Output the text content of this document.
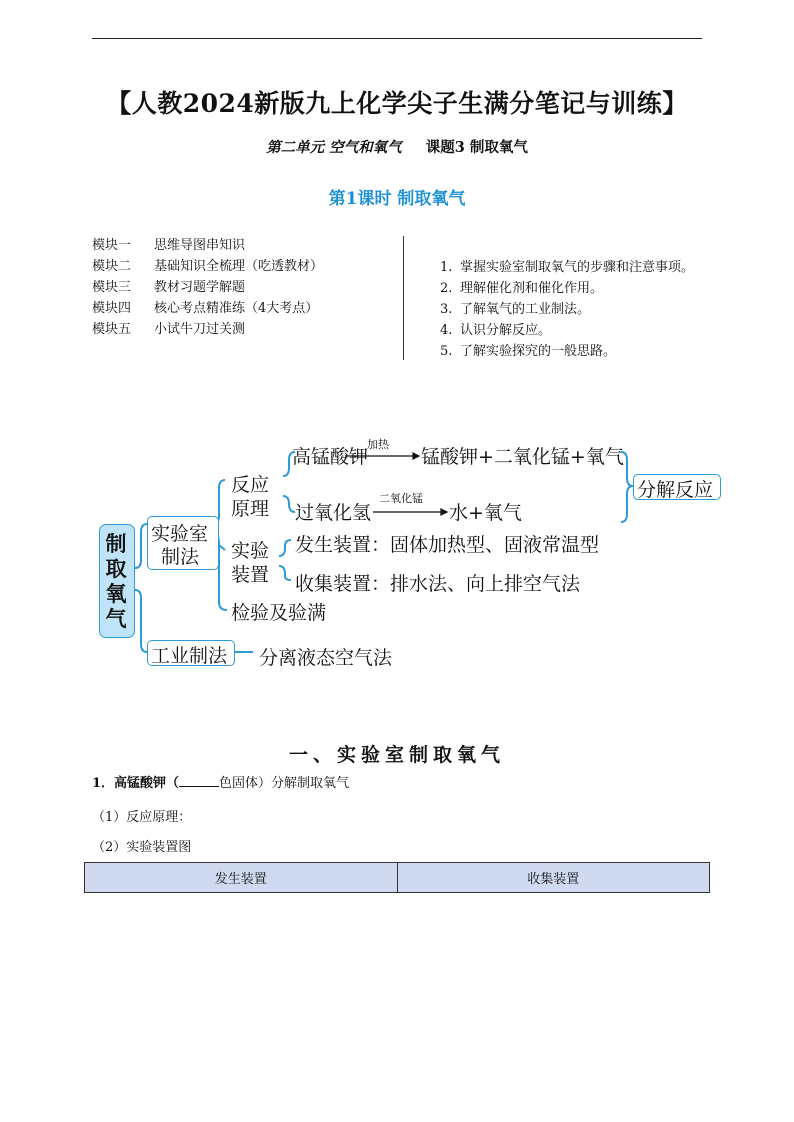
【人教2024新版九上化学尖子生满分笔记与训练】
第二单元 空气和氧气 课题3 制取氧气
第1课时 制取氧气
模块一	思维导图串知识
模块二	基础知识全梳理（吃透教材）
模块三	教材习题学解题
模块四	核心考点精准练（4大考点）
模块五	小试牛刀过关测
1. 掌握实验室制取氧气的步骤和注意事项。
2. 理解催化剂和催化作用。
3. 了解氧气的工业制法。
4. 认识分解反应。
5. 了解实验探究的一般思路。
制
取
氧
气
实验室
制法
工业制法 分离液态空气法
反应
原理
高锰酸钾
加热
锰酸钾+二氧化锰+氧气
过氧化氢
二氧化锰
水+氧气
分解反应
实验
装置
发生装置：固体加热型、固液常温型
收集装置：排水法、向上排空气法
检验及验满
一、实验室制取氧气
1．高锰酸钾（	色固体）分解制取氧气
（1）反应原理：
（2）实验装置图
发生装置	收集装置
